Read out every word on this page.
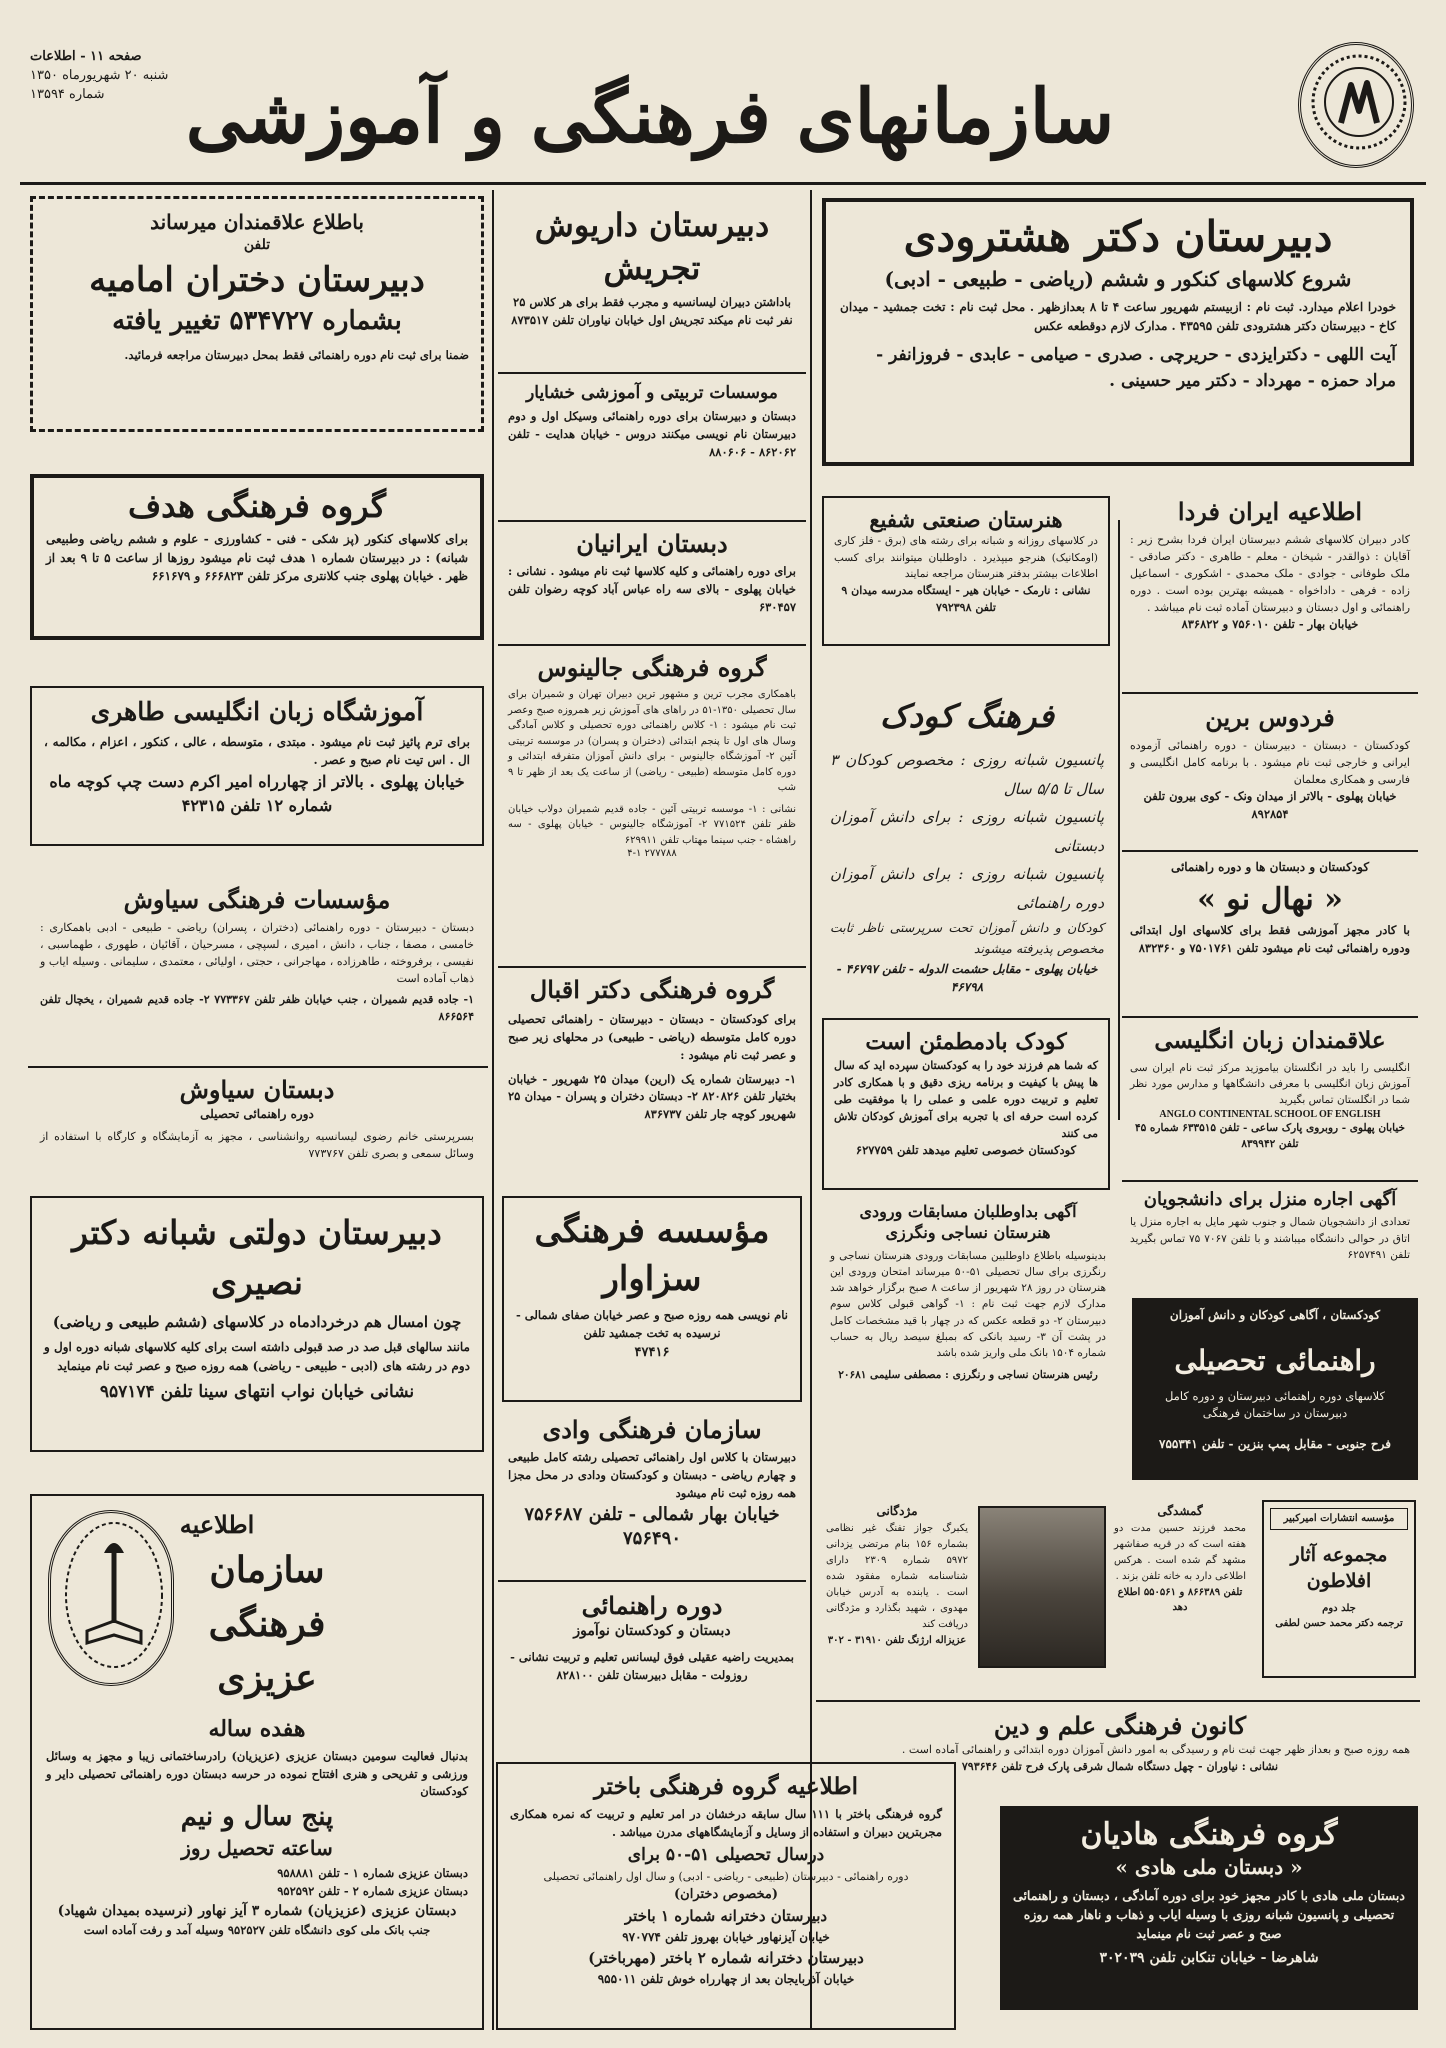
سازمانهای فرهنگی و آموزشی
صفحه ۱۱ - اطلاعات
شنبه ۲۰ شهریورماه ۱۳۵۰
شماره ۱۳۵۹۴
دبیرستان دکتر هشترودی
شروع کلاسهای کنکور و ششم (ریاضی - طبیعی - ادبی)
خودرا اعلام میدارد. ثبت نام : ازبیستم شهریور ساعت ۴ تا ۸ بعدازظهر . محل ثبت نام : تخت جمشید - میدان کاخ - دبیرستان دکتر هشترودی تلفن ۴۳۵۹۵ . مدارک لازم دوقطعه عکس
آیت اللهی - دکترایزدی - حریرچی . صدری - صیامی - عابدی - فروزانفر - مراد حمزه - مهرداد - دکتر میر حسینی .
هنرستان صنعتی شفیع
در کلاسهای روزانه و شبانه برای رشته های (برق - فلز کاری (اومکانیک) هنرجو میپذیرد . داوطلبان میتوانند برای کسب اطلاعات بیشتر بدفتر هنرستان مراجعه نمایند
نشانی : نارمک - خیابان هیر - ایستگاه مدرسه میدان ۹ تلفن ۷۹۲۳۹۸
اطلاعیه ایران فردا
کادر دبیران کلاسهای ششم دبیرستان ایران فردا بشرح زیر : آقایان : ذوالقدر - شیخان - معلم - طاهری - دکتر صادقی - ملک طوفانی - جوادی - ملک محمدی - اشکوری - اسماعیل زاده - فرهی - داداخواه - همیشه بهترین بوده است . دوره راهنمائی و اول دبستان و دبیرستان آماده ثبت نام میباشد .
خیابان بهار - تلفن ۷۵۶۰۱۰ و ۸۳۶۸۲۲
فرهنگ کودک
پانسیون شبانه روزی : مخصوص کودکان ۳ سال تا ۵/۵ سال
پانسیون شبانه روزی : برای دانش آموزان دبستانی
پانسیون شبانه روزی : برای دانش آموزان دوره راهنمائی
کودکان و دانش آموزان تحت سرپرستی ناظر ثابت مخصوص پذیرفته میشوند
خیابان پهلوی - مقابل حشمت الدوله - تلفن ۴۶۷۹۷ - ۴۶۷۹۸
فردوس برین
کودکستان - دبستان - دبیرستان - دوره راهنمائی آزموده ایرانی و خارجی ثبت نام میشود . با برنامه کامل انگلیسی و فارسی و همکاری معلمان
خیابان پهلوی - بالاتر از میدان ونک - کوی بیرون تلفن ۸۹۲۸۵۴
کودکستان و دبستان ها و دوره راهنمائی
« نهال نو »
با کادر مجهز آموزشی فقط برای کلاسهای اول ابتدائی ودوره راهنمائی ثبت نام میشود تلفن ۷۵۰۱۷۶۱ و ۸۳۲۳۶۰
کودک بادمطمئن است
که شما هم فرزند خود را به کودکستان سپرده اید که سال ها پیش با کیفیت و برنامه ریزی دقیق و با همکاری کادر تعلیم و تربیت دوره علمی و عملی را با موفقیت طی کرده است حرفه ای با تجربه برای آموزش کودکان تلاش می کنند
کودکستان خصوصی تعلیم میدهد تلفن ۶۲۷۷۵۹
علاقمندان زبان انگلیسی
انگلیسی را باید در انگلستان بیاموزید مرکز ثبت نام ایران سی آموزش زبان انگلیسی با معرفی دانشگاهها و مدارس مورد نظر شما در انگلستان تماس بگیرید
ANGLO CONTINENTAL SCHOOL OF ENGLISH
خیابان پهلوی - روبروی پارک ساعی - تلفن ۶۳۳۵۱۵ شماره ۴۵ تلفن ۸۳۹۹۴۲
آگهی اجاره منزل برای دانشجویان
تعدادی از دانشجویان شمال و جنوب شهر مایل به اجاره منزل یا اتاق در حوالی دانشگاه میباشند و با تلفن ۷۰۶۷ ۷۵ تماس بگیرید تلفن ۶۲۵۷۴۹۱
آگهی بداوطلبان مسابقات ورودی هنرستان نساجی ونگرزی
بدینوسیله باطلاع داوطلبین مسابقات ورودی هنرستان نساجی و رنگرزی برای سال تحصیلی ۵۱-۵۰ میرساند امتحان ورودی این هنرستان در روز ۲۸ شهریور از ساعت ۸ صبح برگزار خواهد شد مدارک لازم جهت ثبت نام : ۱- گواهی قبولی کلاس سوم دبیرستان ۲- دو قطعه عکس که در چهار با قید مشخصات کامل در پشت آن ۳- رسید بانکی که بمبلغ سیصد ریال به حساب شماره ۱۵۰۴ بانک ملی واریز شده باشد
رئیس هنرستان نساجی و رنگرزی : مصطفی سلیمی ۲۰۶۸۱
کودکستان ، آگاهی کودکان و دانش آموزان
راهنمائی تحصیلی
کلاسهای دوره راهنمائی دبیرستان و دوره کامل دبیرستان در ساختمان فرهنگی
فرح جنوبی - مقابل پمپ بنزین - تلفن ۷۵۵۳۴۱
گمشدگی
محمد فرزند حسین مدت دو هفته است که در قریه صفاشهر مشهد گم شده است . هرکس اطلاعی دارد به خانه تلفن بزند .
تلفن ۸۶۶۳۸۹ و ۵۵۰۵۶۱ اطلاع دهد
مؤسسه انتشارات امیرکبیر
مجموعه آثار افلاطون
جلد دوم
ترجمه دکتر محمد حسن لطفی
مژدگانی
یکبرگ جواز تفنگ غیر نظامی بشماره ۱۵۶ بنام مرتضی یزدانی ۵۹۷۲ شماره ۲۳۰۹ دارای شناسنامه شماره مفقود شده است . یابنده به آدرس خیابان مهدوی ، شهید بگذارد و مژدگانی دریافت کند
عزیزاله ارژنگ تلفن ۳۱۹۱۰ - ۳۰۲
کانون فرهنگی علم و دین
همه روزه صبح و بعداز ظهر جهت ثبت نام و رسیدگی به امور دانش آموزان دوره ابتدائی و راهنمائی آماده است .
نشانی : نیاوران - چهل دستگاه شمال شرقی پارک فرح تلفن ۷۹۳۶۴۶
گروه فرهنگی هادیان
« دبستان ملی هادی »
دبستان ملی هادی با کادر مجهز خود برای دوره آمادگی ، دبستان و راهنمائی تحصیلی و پانسیون شبانه روزی با وسیله ایاب و ذهاب و ناهار همه روزه صبح و عصر ثبت نام مینماید
شاهرضا - خیابان تنکابن تلفن ۳۰۲۰۳۹
دبیرستان داریوش تجریش
باداشتن دبیران لیسانسیه و مجرب فقط برای هر کلاس ۲۵ نفر ثبت نام میکند تجریش اول خیابان نیاوران تلفن ۸۷۳۵۱۷
موسسات تربیتی و آموزشی خشایار
دبستان و دبیرستان برای دوره راهنمائی وسیکل اول و دوم دبیرستان نام نویسی میکنند دروس - خیابان هدایت - تلفن ۸۶۲۰۶۲ - ۸۸۰۶۰۶
دبستان ایرانیان
برای دوره راهنمائی و کلیه کلاسها ثبت نام میشود . نشانی : خیابان پهلوی - بالای سه راه عباس آباد کوچه رضوان تلفن ۶۳۰۴۵۷
گروه فرهنگی جالینوس
باهمکاری مجرب ترین و مشهور ترین دبیران تهران و شمیران برای سال تحصیلی ۱۳۵۰-۵۱ در راهای های آموزش زیر همروزه صبح وعصر ثبت نام میشود : ۱- کلاس راهنمائی دوره تحصیلی و کلاس آمادگی وسال های اول تا پنجم ابتدائی (دختران و پسران) در موسسه تربیتی آئین ۲- آموزشگاه جالینوس - برای دانش آموزان متفرقه ابتدائی و دوره کامل متوسطه (طبیعی - ریاضی) از ساعت یک بعد از ظهر تا ۹ شب
نشانی : ۱- موسسه تربیتی آئین - جاده قدیم شمیران دولاب خیابان ظفر تلفن ۷۷۱۵۲۴ ۲- آموزشگاه جالینوس - خیابان پهلوی - سه راهشاه - جنب سینما مهتاب تلفن ۶۲۹۹۱۱
۲۷۷۷۸۸ ۴-۱
گروه فرهنگی دکتر اقبال
برای کودکستان - دبستان - دبیرستان - راهنمائی تحصیلی دوره کامل متوسطه (ریاضی - طبیعی) در محلهای زیر صبح و عصر ثبت نام میشود :
۱- دبیرستان شماره یک (ارین) میدان ۲۵ شهریور - خیابان بختیار تلفن ۸۲۰۸۲۶ ۲- دبستان دختران و پسران - میدان ۲۵ شهریور کوچه جار تلفن ۸۳۶۷۳۷
مؤسسه فرهنگی سزاوار
نام نویسی همه روزه صبح و عصر خیابان صفای شمالی - نرسیده به تخت جمشید تلفن
۴۷۴۱۶
سازمان فرهنگی وادی
دبیرستان با کلاس اول راهنمائی تحصیلی رشته کامل طبیعی و چهارم ریاضی - دبستان و کودکستان ودادی در محل مجزا همه روزه ثبت نام میشود
خیابان بهار شمالی - تلفن ۷۵۶۶۸۷
۷۵۶۴۹۰
دوره راهنمائی
دبستان و کودکستان نوآموز
بمدیریت راضیه عقیلی فوق لیسانس تعلیم و تربیت نشانی - روزولت - مقابل دبیرستان تلفن ۸۲۸۱۰۰
اطلاعیه گروه فرهنگی باختر
گروه فرهنگی باختر با ۱۱۱ سال سابقه درخشان در امر تعلیم و تربیت که نمره همکاری مجربترین دبیران و استفاده از وسایل و آزمایشگاههای مدرن میباشد .
درسال تحصیلی ۵۱-۵۰ برای
دوره راهنمائی - دبیرستان (طبیعی - ریاضی - ادبی) و سال اول راهنمائی تحصیلی
(مخصوص دختران)
دبیرستان دخترانه شماره ۱ باختر
خیابان آیزنهاور خیابان بهروز تلفن ۹۷۰۷۷۴
دبیرستان دخترانه شماره ۲ باختر (مهرباختر)
خیابان آذربایجان بعد از چهارراه خوش تلفن ۹۵۵۰۱۱
باطلاع علاقمندان میرساند
تلفن
دبیرستان دختران امامیه
بشماره ۵۳۴۷۲۷ تغییر یافته
ضمنا برای ثبت نام دوره راهنمائی فقط بمحل دبیرستان مراجعه فرمائید.
گروه فرهنگی هدف
برای کلاسهای کنکور (پز شکی - فنی - کشاورزی - علوم و ششم ریاضی وطبیعی شبانه) : در دبیرستان شماره ۱ هدف ثبت نام میشود روزها از ساعت ۵ تا ۹ بعد از ظهر . خیابان پهلوی جنب کلانتری مرکز تلفن ۶۶۶۸۲۳ و ۶۶۱۶۷۹
آموزشگاه زبان انگلیسی طاهری
برای ترم پائیز ثبت نام میشود . مبتدی ، متوسطه ، عالی ، کنکور ، اعزام ، مکالمه ، ال . اس تیت نام صبح و عصر .
خیابان پهلوی . بالاتر از چهارراه امیر اکرم دست چپ کوچه ماه شماره ۱۲ تلفن ۴۲۳۱۵
مؤسسات فرهنگی سیاوش
دبستان - دبیرستان - دوره راهنمائی (دختران ، پسران) ریاضی - طبیعی - ادبی باهمکاری : خامسی ، مصفا ، جناب ، دانش ، امیری ، لسپچی ، مسرحیان ، آقائیان ، طهوری ، طهماسبی ، نفیسی ، برفروخته ، طاهرزاده ، مهاجرانی ، حجتی ، اولیائی ، معتمدی ، سلیمانی . وسیله ایاب و ذهاب آماده است
۱- جاده قدیم شمیران ، جنب خیابان ظفر تلفن ۷۷۳۳۶۷ ۲- جاده قدیم شمیران ، یخچال تلفن ۸۶۶۵۶۴
دبستان سیاوش
دوره راهنمائی تحصیلی
بسرپرستی خانم رضوی لیسانسیه روانشناسی ، مجهز به آزمایشگاه و کارگاه با استفاده از وسائل سمعی و بصری تلفن ۷۷۳۷۶۷
دبیرستان دولتی شبانه دکتر نصیری
چون امسال هم درخردادماه در کلاسهای (ششم طبیعی و ریاضی)
مانند سالهای قبل صد در صد قبولی داشته است برای کلیه کلاسهای شبانه دوره اول و دوم در رشته های (ادبی - طبیعی - ریاضی) همه روزه صبح و عصر ثبت نام مینماید
نشانی خیابان نواب انتهای سینا تلفن ۹۵۷۱۷۴
اطلاعیه
سازمان فرهنگی عزیزی
هفده ساله
بدنبال فعالیت سومین دبستان عزیزی (عزیزیان) رادرساختمانی زیبا و مجهز به وسائل ورزشی و تفریحی و هنری افتتاح نموده در حرسه دبستان دوره راهنمائی تحصیلی دایر و کودکستان
پنج سال و نیم
ساعته تحصیل روز
دبستان عزیزی شماره ۱ - تلفن ۹۵۸۸۸۱
دبستان عزیزی شماره ۲ - تلفن ۹۵۲۵۹۲
دبستان عزیزی (عزیزیان) شماره ۳ آیز نهاور (نرسیده بمیدان شهیاد)
جنب بانک ملی کوی دانشگاه تلفن ۹۵۲۵۲۷ وسیله آمد و رفت آماده است
